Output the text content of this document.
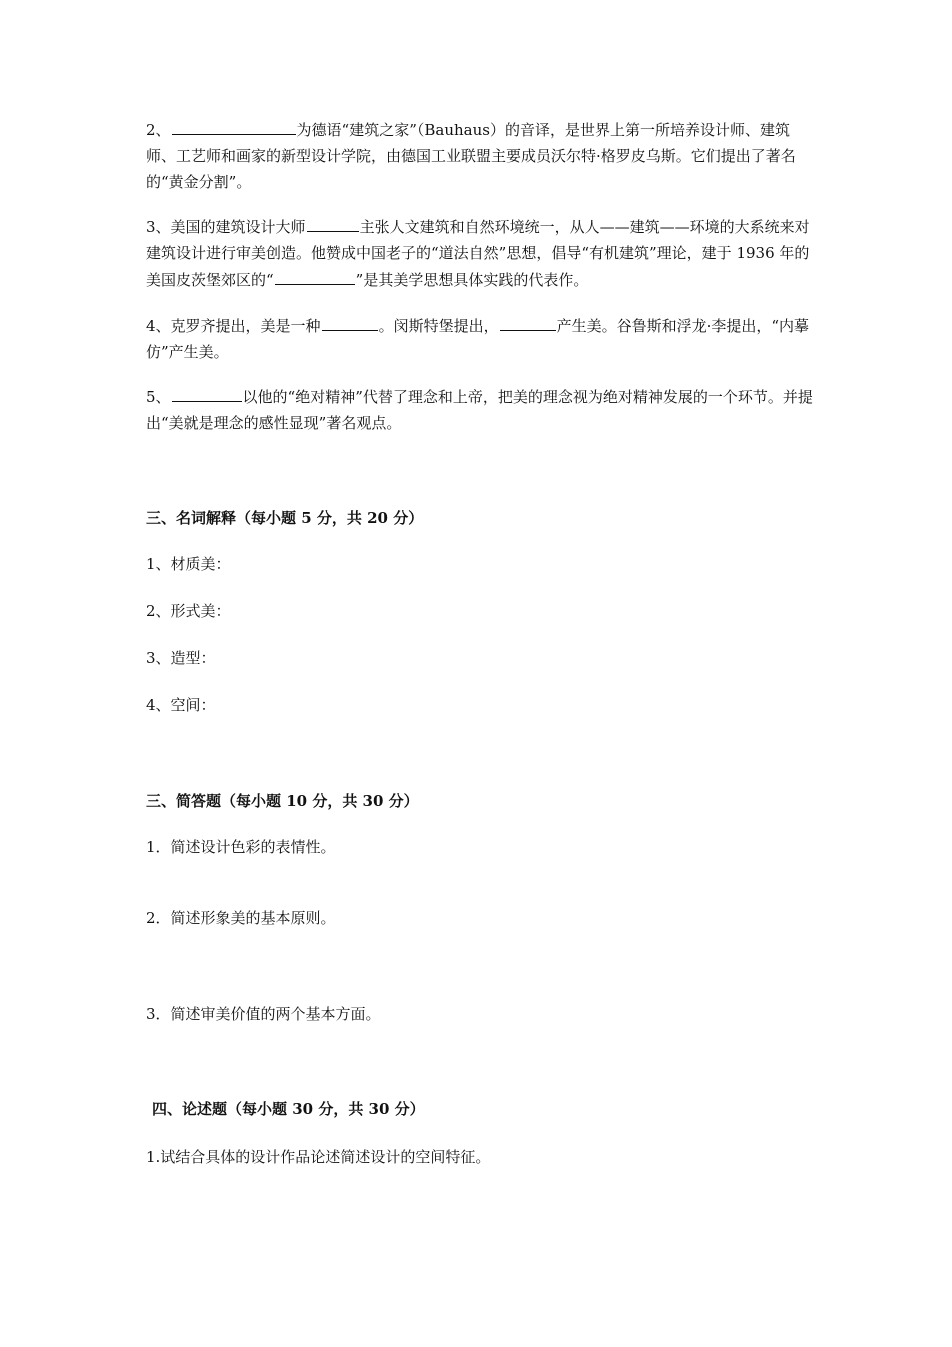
2、	为德语“建筑之家”（Bauhaus）的音译，是世界上第一所培养设计师、建筑师、工艺师和画家的新型设计学院，由德国工业联盟主要成员沃尔特·格罗皮乌斯。它们提出了著名的“黄金分割”。
3、美国的建筑设计大师	主张人文建筑和自然环境统一，从人——建筑——环境的大系统来对建筑设计进行审美创造。他赞成中国老子的“道法自然”思想，倡导“有机建筑”理论，建于 1936 年的美国皮茨堡郊区的“	”是其美学思想具体实践的代表作。
4、克罗齐提出，美是一种	。闵斯特堡提出，	产生美。谷鲁斯和浮龙·李提出，“内摹仿”产生美。
5、	以他的“绝对精神”代替了理念和上帝，把美的理念视为绝对精神发展的一个环节。并提出“美就是理念的感性显现”著名观点。
三、名词解释（每小题 5 分，共 20 分）
1、材质美：
2、形式美：
3、造型：
4、空间：
三、简答题（每小题 10 分，共 30 分）
1．简述设计色彩的表情性。
2．简述形象美的基本原则。
3．简述审美价值的两个基本方面。
四、论述题（每小题 30 分，共 30 分）
1.试结合具体的设计作品论述简述设计的空间特征。
